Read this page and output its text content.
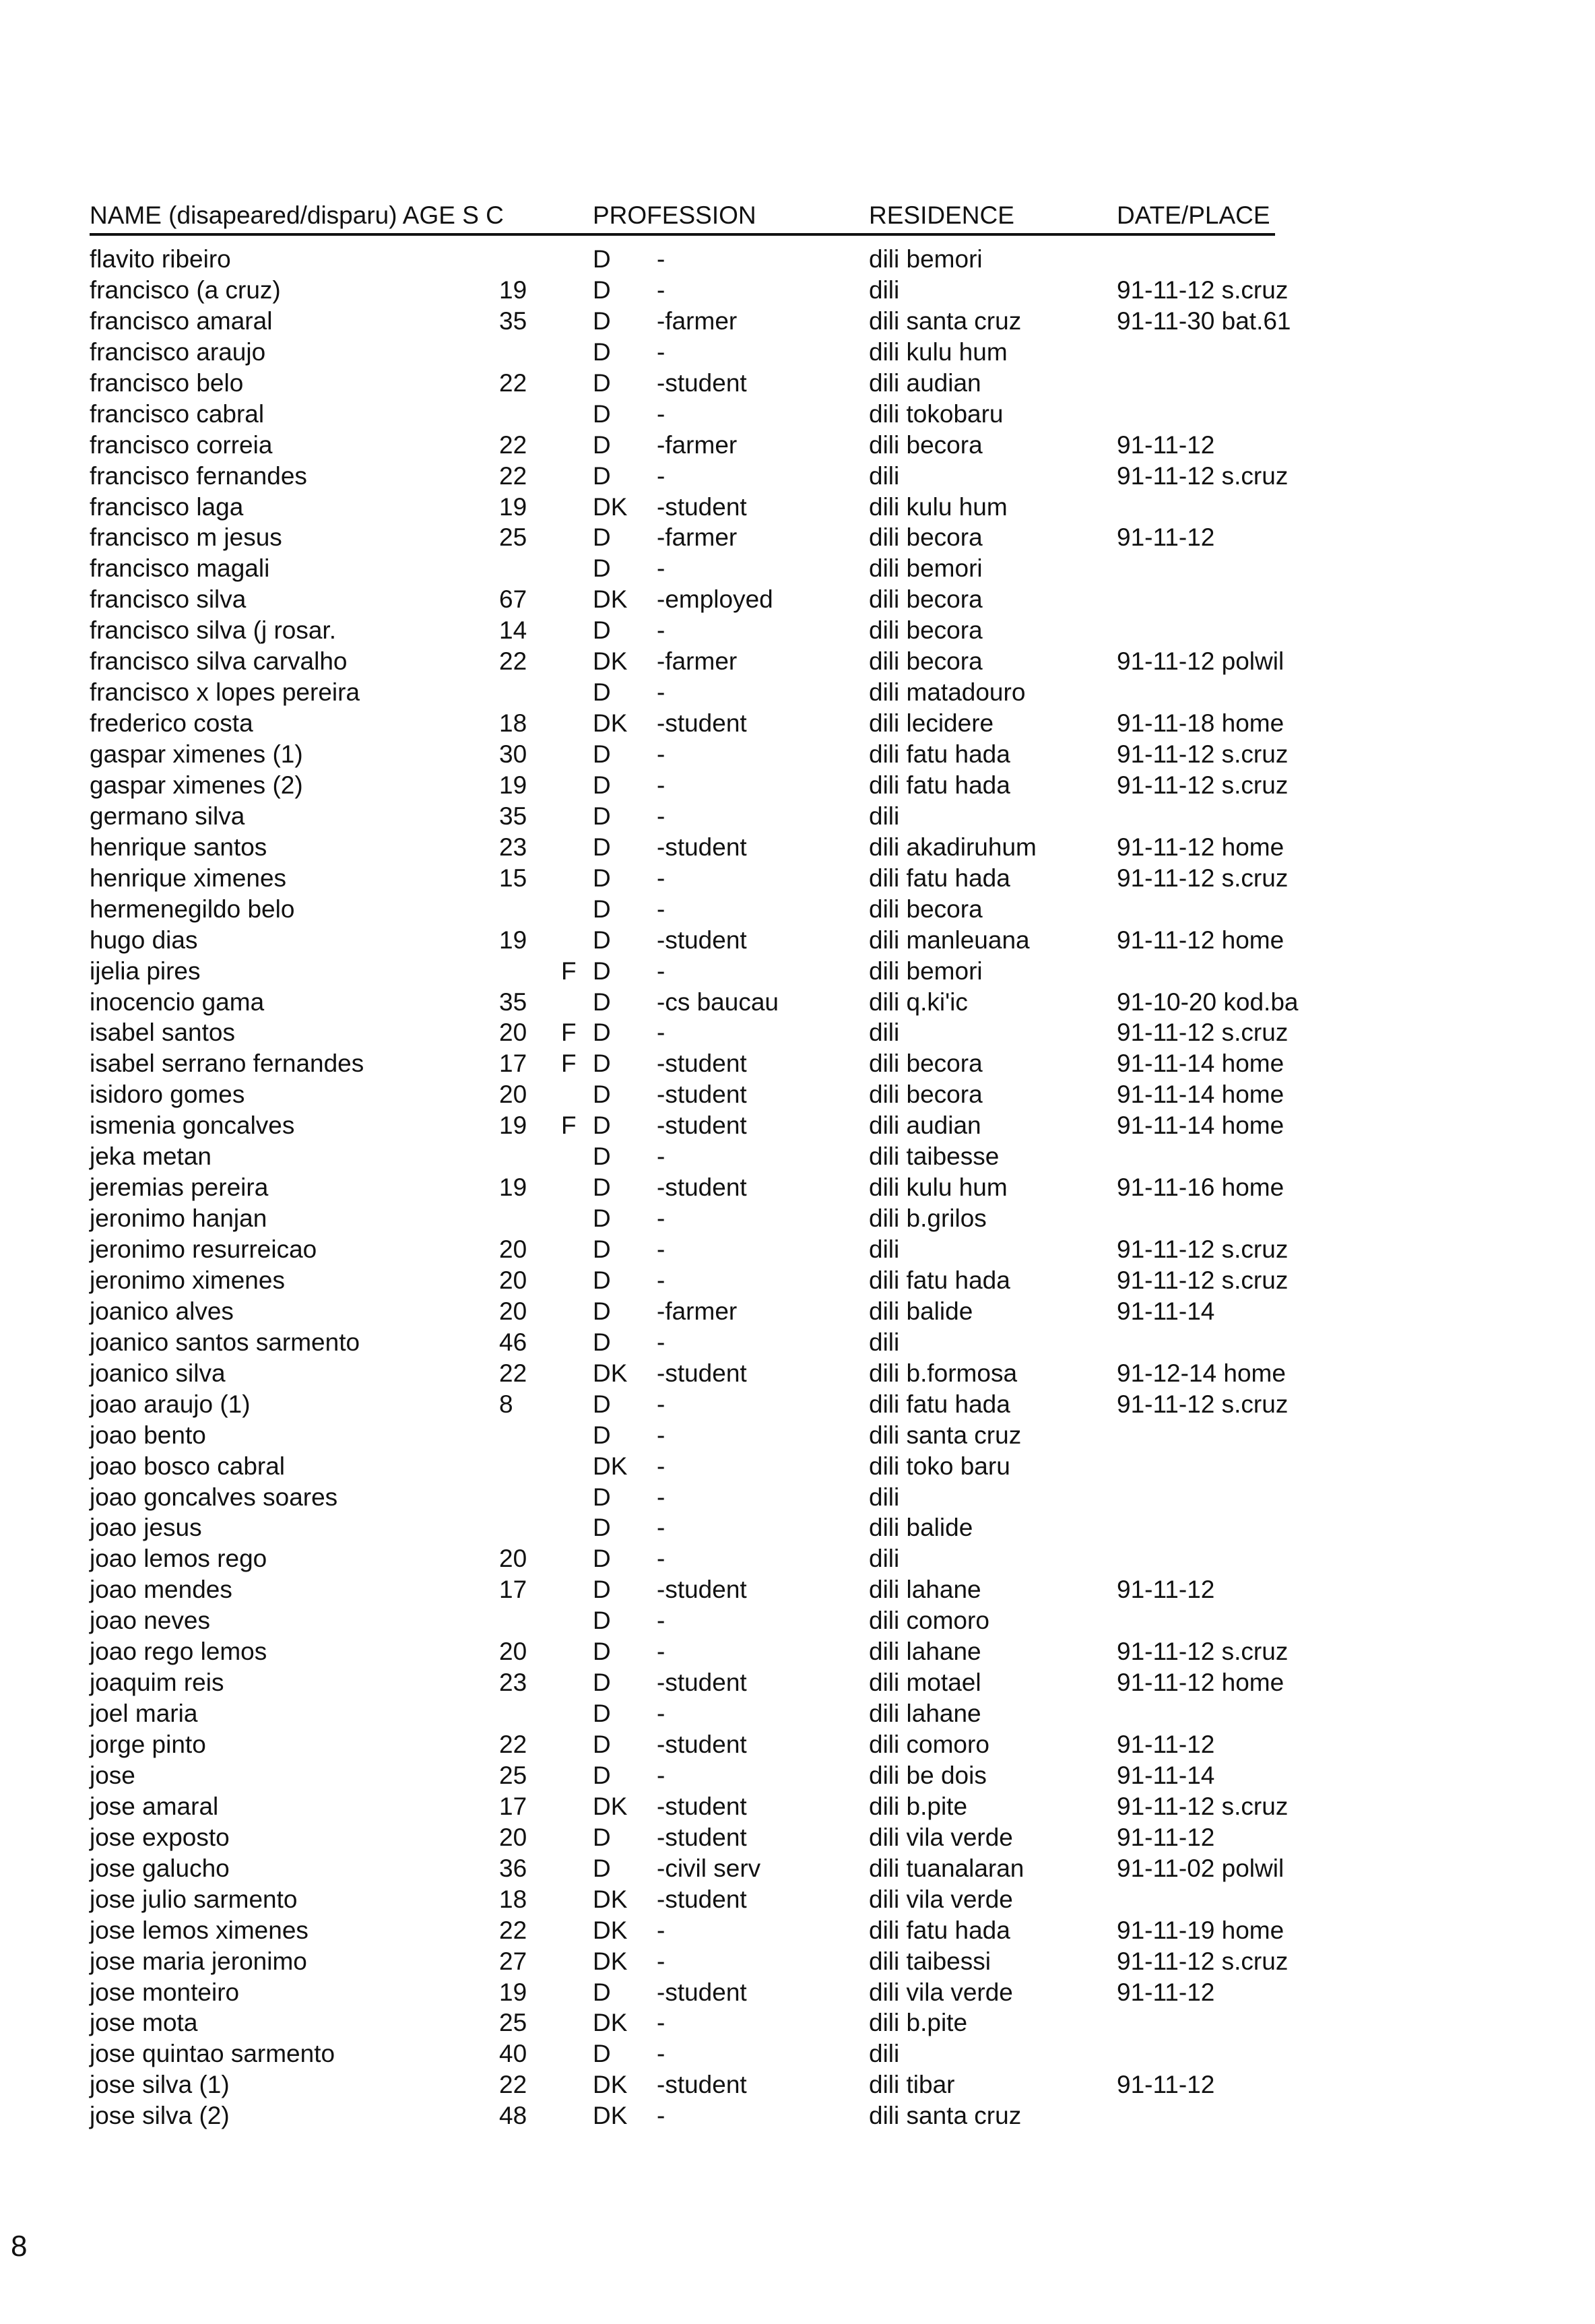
NAME (disapeared/disparu) AGE S C	PROFESSION	RESIDENCE	DATE/PLACE
flavito ribeiro	D -	dili bemori
francisco (a cruz)	19	D -	dili	91-11-12 s.cruz
francisco amaral	35	D -farmer	dili santa cruz	91-11-30 bat.61
francisco araujo	D -	dili kulu hum
francisco belo	22	D -student	dili audian
francisco cabral	D -	dili tokobaru
francisco correia	22	D -farmer	dili becora	91-11-12
francisco fernandes	22	D -	dili	91-11-12 s.cruz
francisco laga	19	DK -student	dili kulu hum
francisco m jesus	25	D -farmer	dili becora	91-11-12
francisco magali	D -	dili bemori
francisco silva	67	DK -employed	dili becora
francisco silva (j rosar.	14	D -	dili becora
francisco silva carvalho	22	DK -farmer	dili becora	91-11-12 polwil
francisco x lopes pereira	D -	dili matadouro
frederico costa	18	DK -student	dili lecidere	91-11-18 home
gaspar ximenes (1)	30	D -	dili fatu hada	91-11-12 s.cruz
gaspar ximenes (2)	19	D -	dili fatu hada	91-11-12 s.cruz
germano silva	35	D -	dili
henrique santos	23	D -student	dili akadiruhum	91-11-12 home
henrique ximenes	15	D -	dili fatu hada	91-11-12 s.cruz
hermenegildo belo	D -	dili becora
hugo dias	19	D -student	dili manleuana	91-11-12 home
ijelia pires	F D -	dili bemori
inocencio gama	35	D -cs baucau	dili q.ki'ic	91-10-20 kod.ba
isabel santos	20 F D -	dili	91-11-12 s.cruz
isabel serrano fernandes	17 F D -student	dili becora	91-11-14 home
isidoro gomes	20	D -student	dili becora	91-11-14 home
ismenia goncalves	19 F D -student	dili audian	91-11-14 home
jeka metan	D -	dili taibesse
jeremias pereira	19	D -student	dili kulu hum	91-11-16 home
jeronimo hanjan	D -	dili b.grilos
jeronimo resurreicao	20	D -	dili	91-11-12 s.cruz
jeronimo ximenes	20	D -	dili fatu hada	91-11-12 s.cruz
joanico alves	20	D -farmer	dili balide	91-11-14
joanico santos sarmento	46	D -	dili
joanico silva	22	DK -student	dili b.formosa	91-12-14 home
joao araujo (1)	8	D -	dili fatu hada	91-11-12 s.cruz
joao bento	D -	dili santa cruz
joao bosco cabral	DK -	dili toko baru
joao goncalves soares	D -	dili
joao jesus	D -	dili balide
joao lemos rego	20	D -	dili
joao mendes	17	D -student	dili lahane	91-11-12
joao neves	D -	dili comoro
joao rego lemos	20	D -	dili lahane	91-11-12 s.cruz
joaquim reis	23	D -student	dili motael	91-11-12 home
joel maria	D -	dili lahane
jorge pinto	22	D -student	dili comoro	91-11-12
jose	25	D -	dili be dois	91-11-14
jose amaral	17	DK -student	dili b.pite	91-11-12 s.cruz
jose exposto	20	D -student	dili vila verde	91-11-12
jose galucho	36	D -civil serv	dili tuanalaran	91-11-02 polwil
jose julio sarmento	18	DK -student	dili vila verde
jose lemos ximenes	22	DK -	dili fatu hada	91-11-19 home
jose maria jeronimo	27	DK -	dili taibessi	91-11-12 s.cruz
jose monteiro	19	D -student	dili vila verde	91-11-12
jose mota	25	DK -	dili b.pite
jose quintao sarmento	40	D -	dili
jose silva (1)	22	DK -student	dili tibar	91-11-12
jose silva (2)	48	DK -	dili santa cruz
8
